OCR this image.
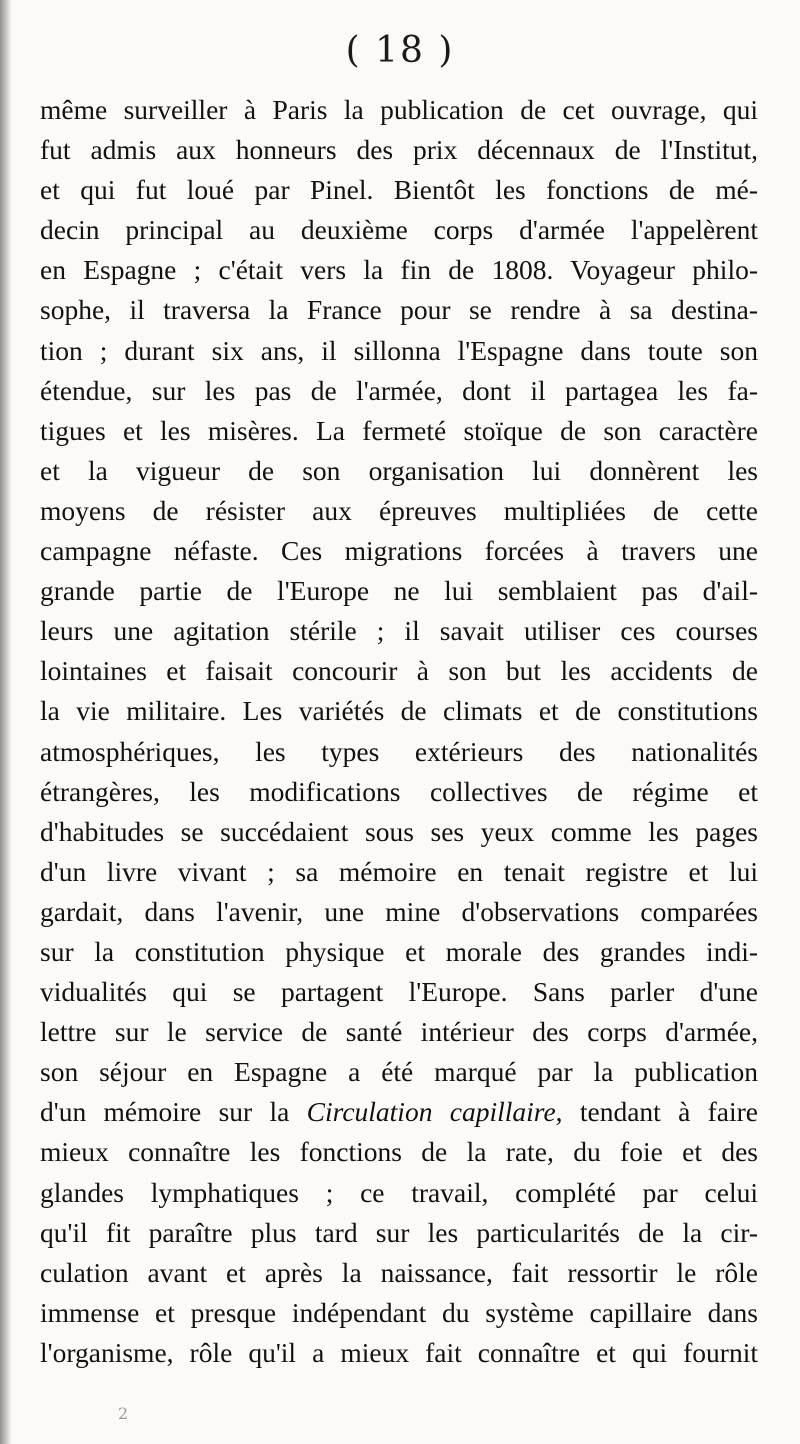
( 18 )
même surveiller à Paris la publication de cet ouvrage, qui
fut admis aux honneurs des prix décennaux de l'Institut,
et qui fut loué par Pinel. Bientôt les fonctions de mé-
decin principal au deuxième corps d'armée l'appelèrent
en Espagne ; c'était vers la fin de 1808. Voyageur philo-
sophe, il traversa la France pour se rendre à sa destina-
tion ; durant six ans, il sillonna l'Espagne dans toute son
étendue, sur les pas de l'armée, dont il partagea les fa-
tigues et les misères. La fermeté stoïque de son caractère
et la vigueur de son organisation lui donnèrent les
moyens de résister aux épreuves multipliées de cette
campagne néfaste. Ces migrations forcées à travers une
grande partie de l'Europe ne lui semblaient pas d'ail-
leurs une agitation stérile ; il savait utiliser ces courses
lointaines et faisait concourir à son but les accidents de
la vie militaire. Les variétés de climats et de constitutions
atmosphériques, les types extérieurs des nationalités
étrangères, les modifications collectives de régime et
d'habitudes se succédaient sous ses yeux comme les pages
d'un livre vivant ; sa mémoire en tenait registre et lui
gardait, dans l'avenir, une mine d'observations comparées
sur la constitution physique et morale des grandes indi-
vidualités qui se partagent l'Europe. Sans parler d'une
lettre sur le service de santé intérieur des corps d'armée,
son séjour en Espagne a été marqué par la publication
d'un mémoire sur la Circulation capillaire, tendant à faire
mieux connaître les fonctions de la rate, du foie et des
glandes lymphatiques ; ce travail, complété par celui
qu'il fit paraître plus tard sur les particularités de la cir-
culation avant et après la naissance, fait ressortir le rôle
immense et presque indépendant du système capillaire dans
l'organisme, rôle qu'il a mieux fait connaître et qui fournit
2
